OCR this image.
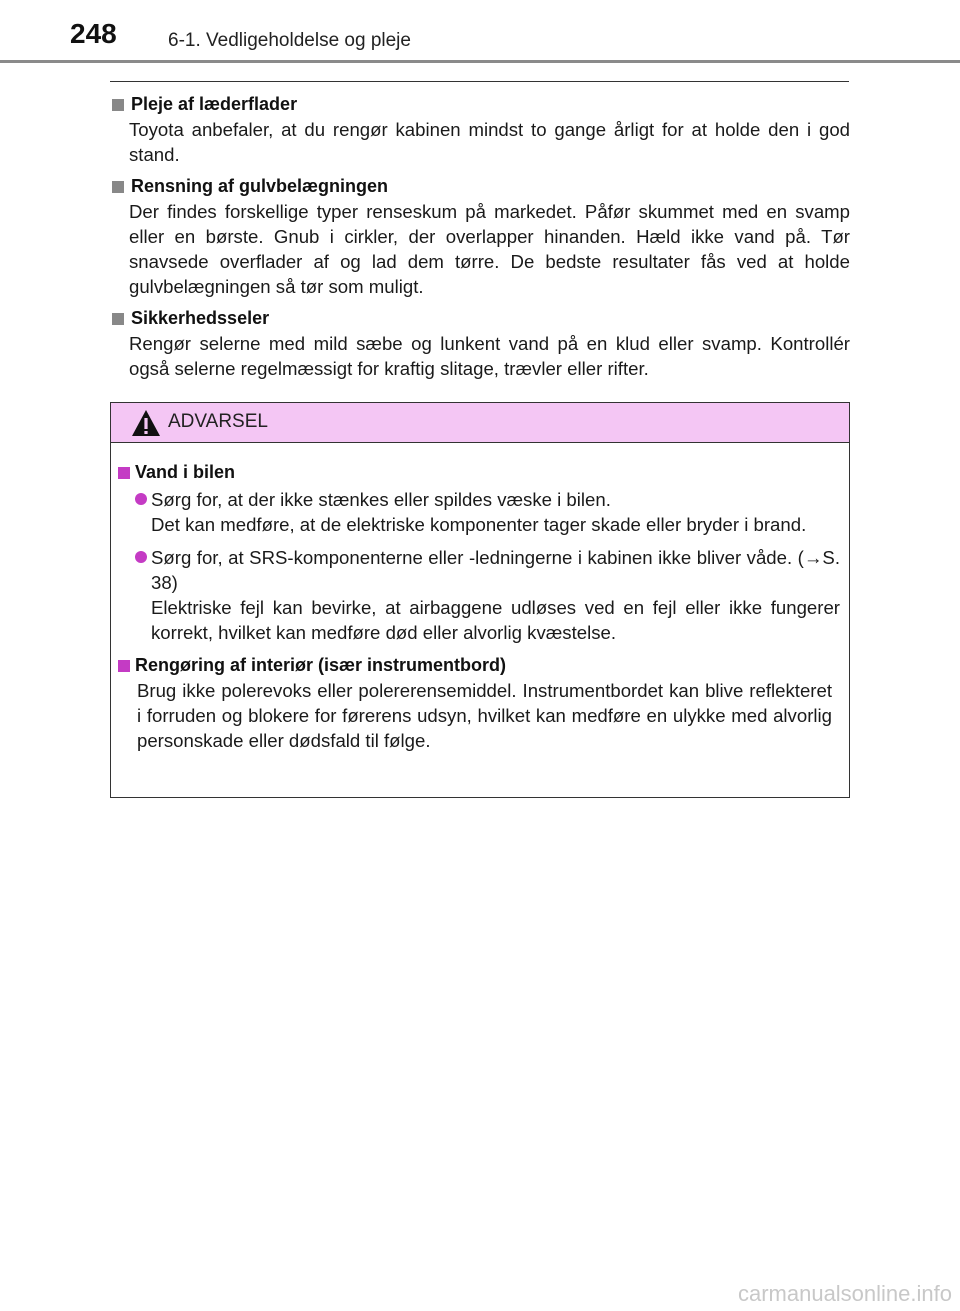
248	6-1. Vedligeholdelse og pleje
Pleje af læderflader
Toyota anbefaler, at du rengør kabinen mindst to gange årligt for at holde den i god stand.
Rensning af gulvbelægningen
Der findes forskellige typer renseskum på markedet. Påfør skummet med en svamp eller en børste. Gnub i cirkler, der overlapper hinanden. Hæld ikke vand på. Tør snavsede overflader af og lad dem tørre. De bedste resultater fås ved at holde gulvbelægningen så tør som muligt.
Sikkerhedsseler
Rengør selerne med mild sæbe og lunkent vand på en klud eller svamp. Kontrollér også selerne regelmæssigt for kraftig slitage, trævler eller rifter.
ADVARSEL
Vand i bilen
Sørg for, at der ikke stænkes eller spildes væske i bilen.
Det kan medføre, at de elektriske komponenter tager skade eller bryder i brand.
Sørg for, at SRS-komponenterne eller -ledningerne i kabinen ikke bliver våde. (→S. 38)
Elektriske fejl kan bevirke, at airbaggene udløses ved en fejl eller ikke fungerer korrekt, hvilket kan medføre død eller alvorlig kvæstelse.
Rengøring af interiør (især instrumentbord)
Brug ikke polerevoks eller polererensemiddel. Instrumentbordet kan blive reflekteret i forruden og blokere for førerens udsyn, hvilket kan medføre en ulykke med alvorlig personskade eller dødsfald til følge.
carmanualsonline.info
